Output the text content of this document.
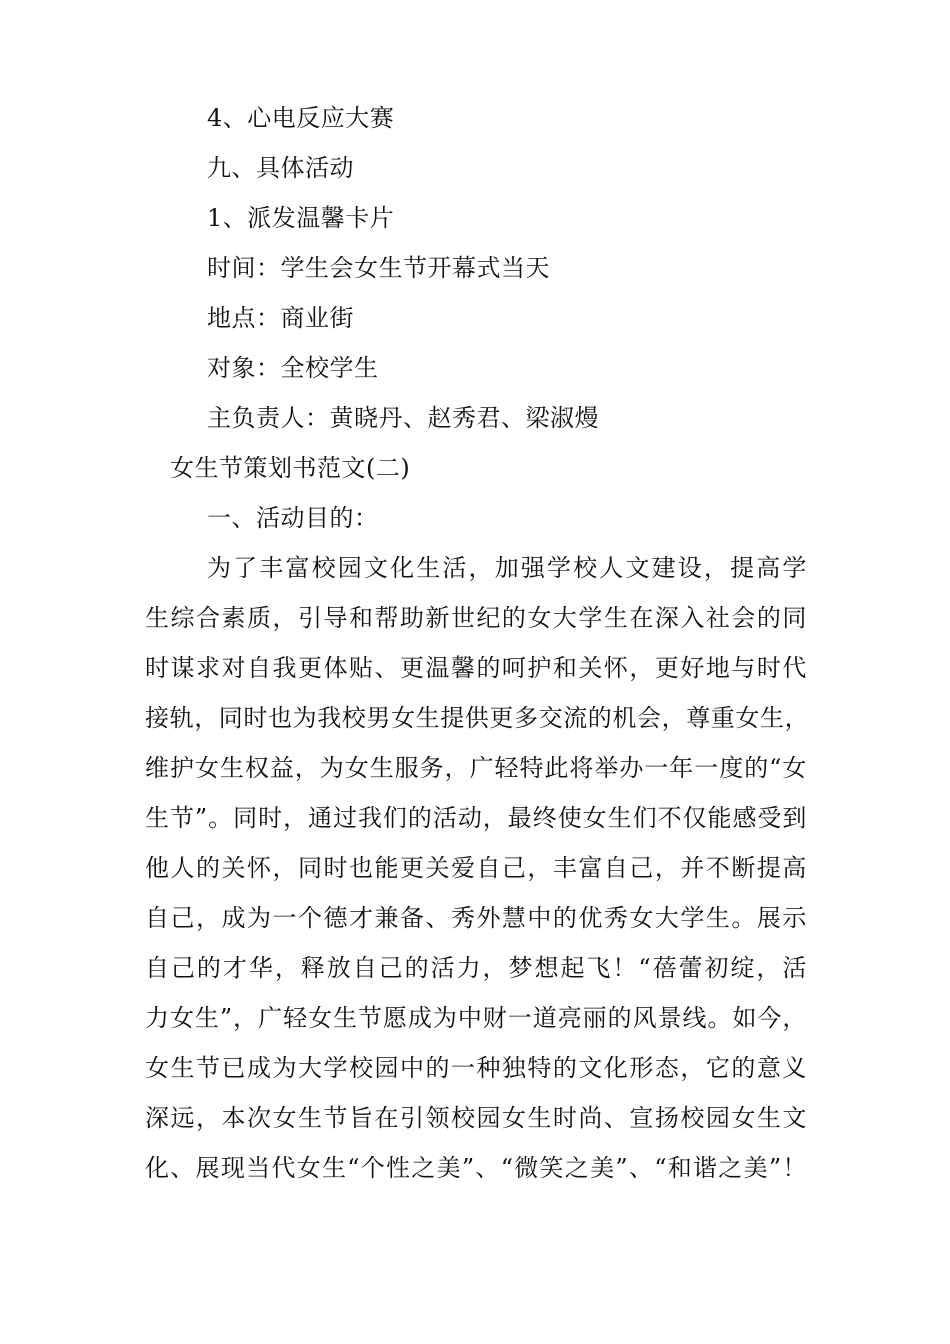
4、心电反应大赛
九、具体活动
1、派发温馨卡片
时间：学生会女生节开幕式当天
地点：商业街
对象：全校学生
主负责人：黄晓丹、赵秀君、梁淑熳
女生节策划书范文(二)
一、活动目的：
为了丰富校园文化生活，加强学校人文建设，提高学
生综合素质，引导和帮助新世纪的女大学生在深入社会的同
时谋求对自我更体贴、更温馨的呵护和关怀，更好地与时代
接轨，同时也为我校男女生提供更多交流的机会，尊重女生，
维护女生权益，为女生服务，广轻特此将举办一年一度的“女
生节”。同时，通过我们的活动，最终使女生们不仅能感受到
他人的关怀，同时也能更关爱自己，丰富自己，并不断提高
自己，成为一个德才兼备、秀外慧中的优秀女大学生。展示
自己的才华，释放自己的活力，梦想起飞！“蓓蕾初绽，活
力女生”，广轻女生节愿成为中财一道亮丽的风景线。如今，
女生节已成为大学校园中的一种独特的文化形态，它的意义
深远，本次女生节旨在引领校园女生时尚、宣扬校园女生文
化、展现当代女生“个性之美”、“微笑之美”、“和谐之美”！
